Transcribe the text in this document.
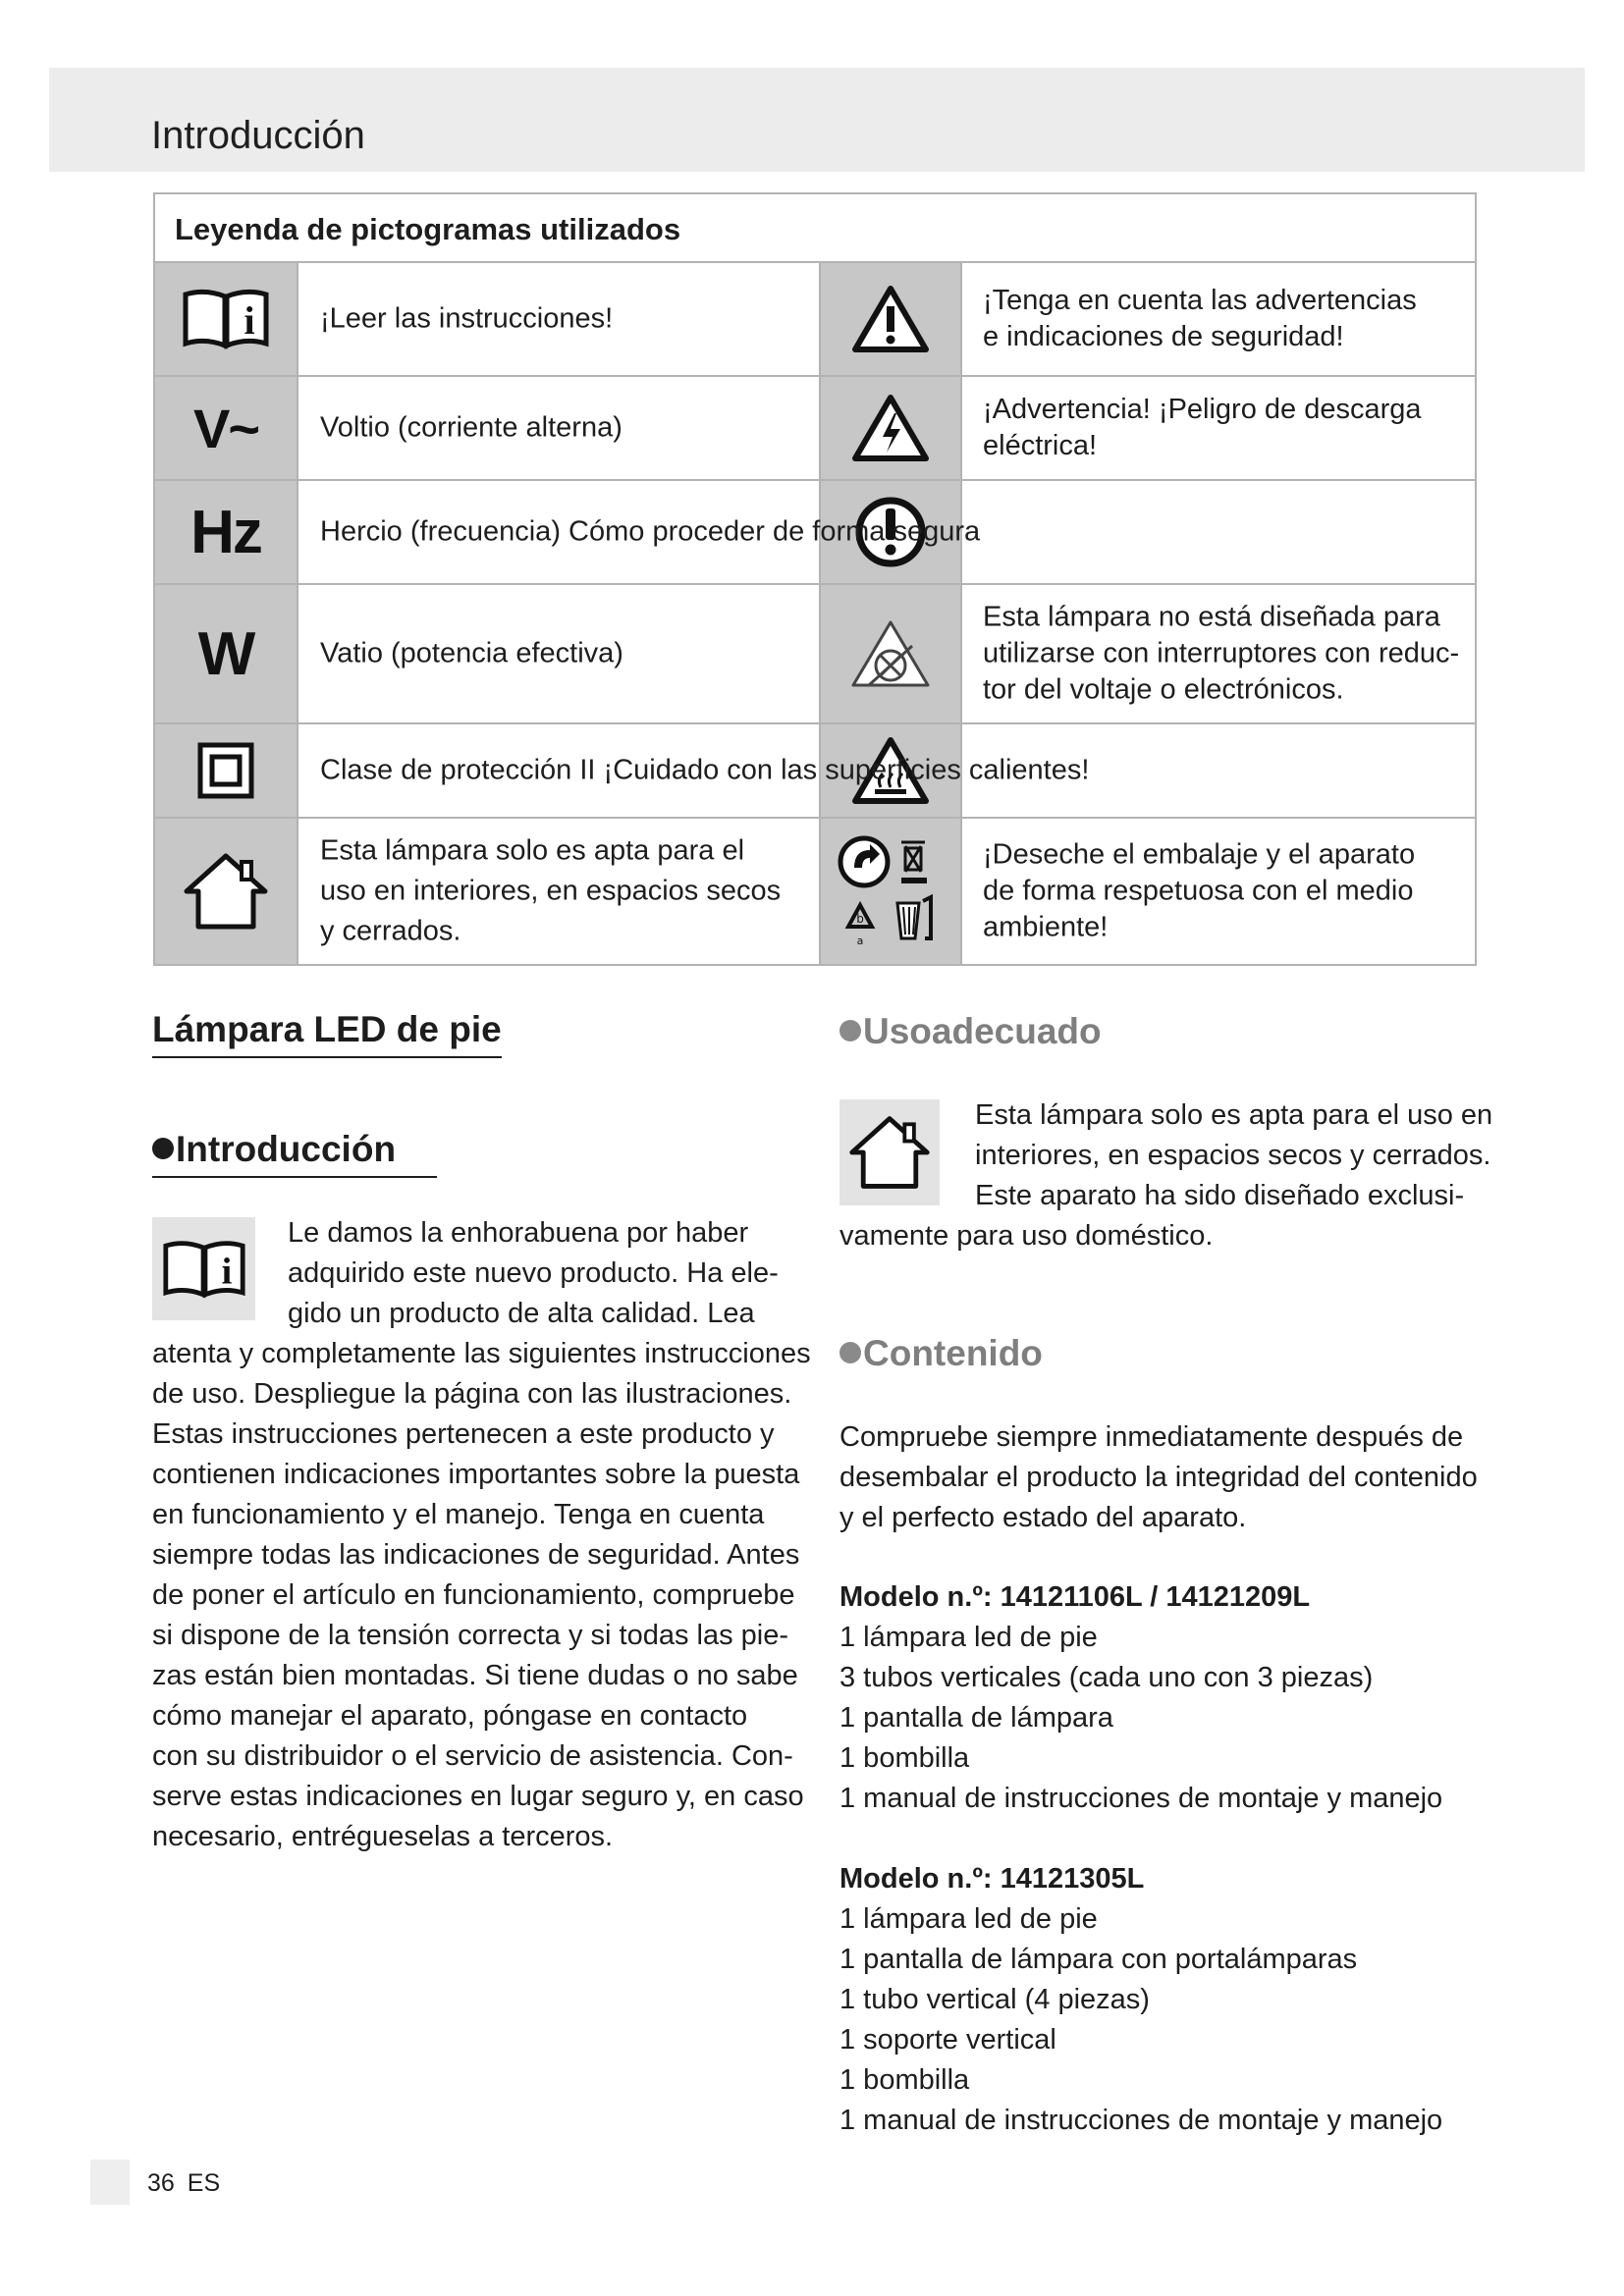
Introducción
Leyenda de pictogramas utilizados
i ¡Leer las instrucciones!
¡Tenga en cuenta las advertencias
e indicaciones de seguridad!
V~ Voltio (corriente alterna)
¡Advertencia! ¡Peligro de descarga
eléctrica!
Hz Hercio (frecuencia) Cómo proceder de forma segura
W Vatio (potencia efectiva)
Esta lámpara no está diseñada para
utilizarse con interruptores con reduc-
tor del voltaje o electrónicos.
Clase de protección II ¡Cuidado con las superficies calientes!
Esta lámpara solo es apta para el
uso en interiores, en espacios secos
y cerrados.	b
a
¡Deseche el embalaje y el aparato
de forma respetuosa con el medio
ambiente!
Lámpara LED de pie
Introducción
i
Le damos la enhorabuena por haber
adquirido este nuevo producto. Ha ele-
gido un producto de alta calidad. Lea
atenta y completamente las siguientes instrucciones
de uso. Despliegue la página con las ilustraciones.
Estas instrucciones pertenecen a este producto y
contienen indicaciones importantes sobre la puesta
en funcionamiento y el manejo. Tenga en cuenta
siempre todas las indicaciones de seguridad. Antes
de poner el artículo en funcionamiento, compruebe
si dispone de la tensión correcta y si todas las pie-
zas están bien montadas. Si tiene dudas o no sabe
cómo manejar el aparato, póngase en contacto
con su distribuidor o el servicio de asistencia. Con-
serve estas indicaciones en lugar seguro y, en caso
necesario, entrégueselas a terceros.
Usoadecuado
Esta lámpara solo es apta para el uso en
interiores, en espacios secos y cerrados.
Este aparato ha sido diseñado exclusi-
vamente para uso doméstico.
Contenido
Compruebe siempre inmediatamente después de
desembalar el producto la integridad del contenido
y el perfecto estado del aparato.
Modelo n.º: 14121106L / 14121209L
1 lámpara led de pie
3 tubos verticales (cada uno con 3 piezas)
1 pantalla de lámpara
1 bombilla
1 manual de instrucciones de montaje y manejo
Modelo n.º: 14121305L
1 lámpara led de pie
1 pantalla de lámpara con portalámparas
1 tubo vertical (4 piezas)
1 soporte vertical
1 bombilla
1 manual de instrucciones de montaje y manejo
36 ES
